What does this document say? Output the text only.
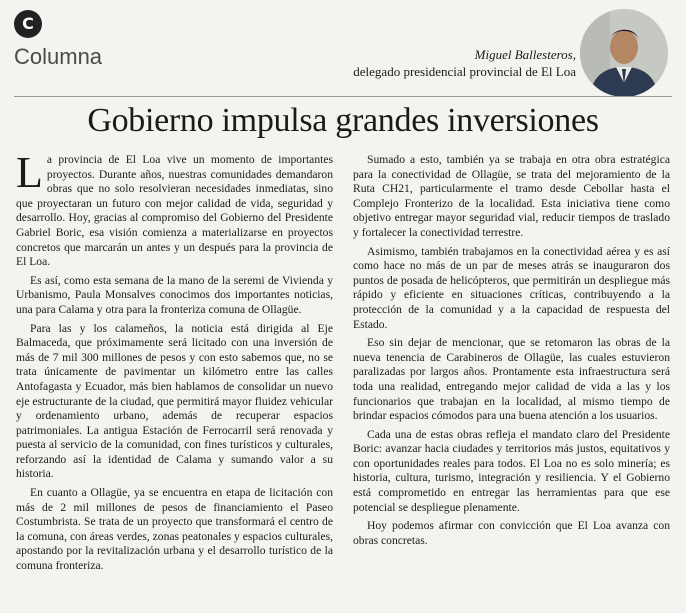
C
Columna	Miguel Ballesteros,
delegado presidencial provincial de El Loa
Gobierno impulsa grandes inversiones

La provincia de El Loa vive un momento de importantes proyectos. Durante años, nuestras comunidades demandaron obras que no solo resolvieran necesidades inmediatas, sino que proyectaran un futuro con mejor calidad de vida, seguridad y desarrollo. Hoy, gracias al compromiso del Gobierno del Presidente Gabriel Boric, esa visión comienza a materializarse en proyectos concretos que marcarán un antes y un después para la provincia de El Loa.

Es así, como esta semana de la mano de la seremi de Vivienda y Urbanismo, Paula Monsalves conocimos dos importantes noticias, una para Calama y otra para la fronteriza comuna de Ollagüe.

Para las y los calameños, la noticia está dirigida al Eje Balmaceda, que próximamente será licitado con una inversión de más de 7 mil 300 millones de pesos y con esto sabemos que, no se trata únicamente de pavimentar un kilómetro entre las calles Antofagasta y Ecuador, más bien hablamos de consolidar un nuevo eje estructurante de la ciudad, que permitirá mayor fluidez vehicular y ordenamiento urbano, además de recuperar espacios patrimoniales. La antigua Estación de Ferrocarril será renovada y puesta al servicio de la comunidad, con fines turísticos y culturales, reforzando así la identidad de Calama y sumando valor a su historia.

En cuanto a Ollagüe, ya se encuentra en etapa de licitación con más de 2 mil millones de pesos de financiamiento el Paseo Costumbrista. Se trata de un proyecto que transformará el centro de la comuna, con áreas verdes, zonas peatonales y espacios culturales, apostando por la revitalización urbana y el desarrollo turístico de la comuna fronteriza.

Sumado a esto, también ya se trabaja en otra obra estratégica para la conectividad de Ollagüe, se trata del mejoramiento de la Ruta CH21, particularmente el tramo desde Cebollar hasta el Complejo Fronterizo de la localidad. Esta iniciativa tiene como objetivo entregar mayor seguridad vial, reducir tiempos de traslado y fortalecer la conectividad terrestre.

Asimismo, también trabajamos en la conectividad aérea y es así como hace no más de un par de meses atrás se inauguraron dos puntos de posada de helicópteros, que permitirán un despliegue más rápido y eficiente en situaciones críticas, contribuyendo a la protección de la comunidad y a la capacidad de respuesta del Estado.

Eso sin dejar de mencionar, que se retomaron las obras de la nueva tenencia de Carabineros de Ollagüe, las cuales estuvieron paralizadas por largos años. Prontamente esta infraestructura será toda una realidad, entregando mejor calidad de vida a las y los funcionarios que trabajan en la localidad, al mismo tiempo de brindar espacios cómodos para una buena atención a los usuarios.

Cada una de estas obras refleja el mandato claro del Presidente Boric: avanzar hacia ciudades y territorios más justos, equitativos y con oportunidades reales para todos. El Loa no es solo minería; es historia, cultura, turismo, integración y resiliencia. Y el Gobierno está comprometido en entregar las herramientas para que ese potencial se despliegue plenamente.

Hoy podemos afirmar con convicción que El Loa avanza con obras concretas.
